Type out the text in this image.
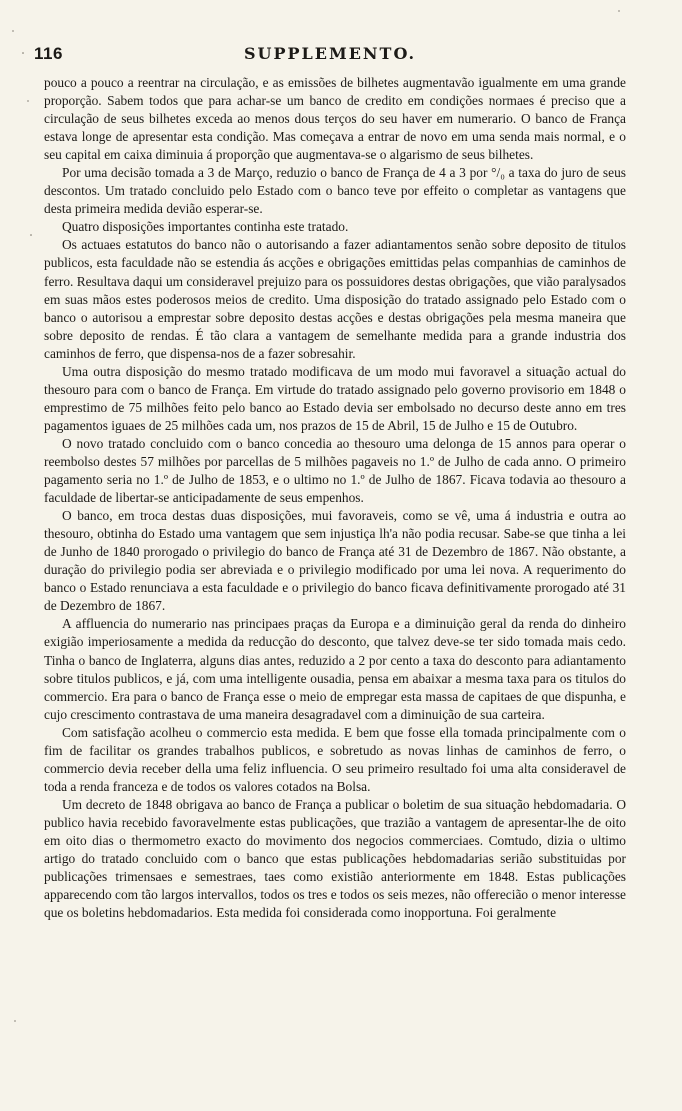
116	SUPPLEMENTO.

pouco a pouco a reentrar na circulação, e as emissões de bilhetes augmentavão igualmente em uma grande proporção. Sabem todos que para achar-se um banco de credito em condições normaes é preciso que a circulação de seus bilhetes exceda ao menos dous terços do seu haver em numerario. O banco de França estava longe de apresentar esta condição. Mas começava a entrar de novo em uma senda mais normal, e o seu capital em caixa diminuia á proporção que augmentava-se o algarismo de seus bilhetes.

Por uma decisão tomada a 3 de Março, reduzio o banco de França de 4 a 3 por °/₀ a taxa do juro de seus descontos. Um tratado concluido pelo Estado com o banco teve por effeito o completar as vantagens que desta primeira medida devião esperar-se.

Quatro disposições importantes continha este tratado.

Os actuaes estatutos do banco não o autorisando a fazer adiantamentos senão sobre deposito de titulos publicos, esta faculdade não se estendia ás acções e obrigações emittidas pelas companhias de caminhos de ferro. Resultava daqui um consideravel prejuizo para os possuidores destas obrigações, que vião paralysados em suas mãos estes poderosos meios de credito. Uma disposição do tratado assignado pelo Estado com o banco o autorisou a emprestar sobre deposito destas acções e destas obrigações pela mesma maneira que sobre deposito de rendas. É tão clara a vantagem de semelhante medida para a grande industria dos caminhos de ferro, que dispensa-nos de a fazer sobresahir.

Uma outra disposição do mesmo tratado modificava de um modo mui favoravel a situação actual do thesouro para com o banco de França. Em virtude do tratado assignado pelo governo provisorio em 1848 o emprestimo de 75 milhões feito pelo banco ao Estado devia ser embolsado no decurso deste anno em tres pagamentos iguaes de 25 milhões cada um, nos prazos de 15 de Abril, 15 de Julho e 15 de Outubro.

O novo tratado concluido com o banco concedia ao thesouro uma delonga de 15 annos para operar o reembolso destes 57 milhões por parcellas de 5 milhões pagaveis no 1.º de Julho de cada anno. O primeiro pagamento seria no 1.º de Julho de 1853, e o ultimo no 1.º de Julho de 1867. Ficava todavia ao thesouro a faculdade de libertar-se anticipadamente de seus empenhos.

O banco, em troca destas duas disposições, mui favoraveis, como se vê, uma á industria e outra ao thesouro, obtinha do Estado uma vantagem que sem injustiça lh'a não podia recusar. Sabe-se que tinha a lei de Junho de 1840 prorogado o privilegio do banco de França até 31 de Dezembro de 1867. Não obstante, a duração do privilegio podia ser abreviada e o privilegio modificado por uma lei nova. A requerimento do banco o Estado renunciava a esta faculdade e o privilegio do banco ficava definitivamente prorogado até 31 de Dezembro de 1867.

A affluencia do numerario nas principaes praças da Europa e a diminuição geral da renda do dinheiro exigião imperiosamente a medida da reducção do desconto, que talvez deve-se ter sido tomada mais cedo. Tinha o banco de Inglaterra, alguns dias antes, reduzido a 2 por cento a taxa do desconto para adiantamento sobre titulos publicos, e já, com uma intelligente ousadia, pensa em abaixar a mesma taxa para os titulos do commercio. Era para o banco de França esse o meio de empregar esta massa de capitaes de que dispunha, e cujo crescimento contrastava de uma maneira desagradavel com a diminuição de sua carteira.

Com satisfação acolheu o commercio esta medida. E bem que fosse ella tomada principalmente com o fim de facilitar os grandes trabalhos publicos, e sobretudo as novas linhas de caminhos de ferro, o commercio devia receber della uma feliz influencia. O seu primeiro resultado foi uma alta consideravel de toda a renda franceza e de todos os valores cotados na Bolsa.

Um decreto de 1848 obrigava ao banco de França a publicar o boletim de sua situação hebdomadaria. O publico havia recebido favoravelmente estas publicações, que trazião a vantagem de apresentar-lhe de oito em oito dias o thermometro exacto do movimento dos negocios commerciaes. Comtudo, dizia o ultimo artigo do tratado concluido com o banco que estas publicações hebdomadarias serião substituidas por publicações trimensaes e semestraes, taes como existião anteriormente em 1848. Estas publicações apparecendo com tão largos intervallos, todos os tres e todos os seis mezes, não offerecião o menor interesse que os boletins hebdomadarios. Esta medida foi considerada como inopportuna. Foi geralmente
